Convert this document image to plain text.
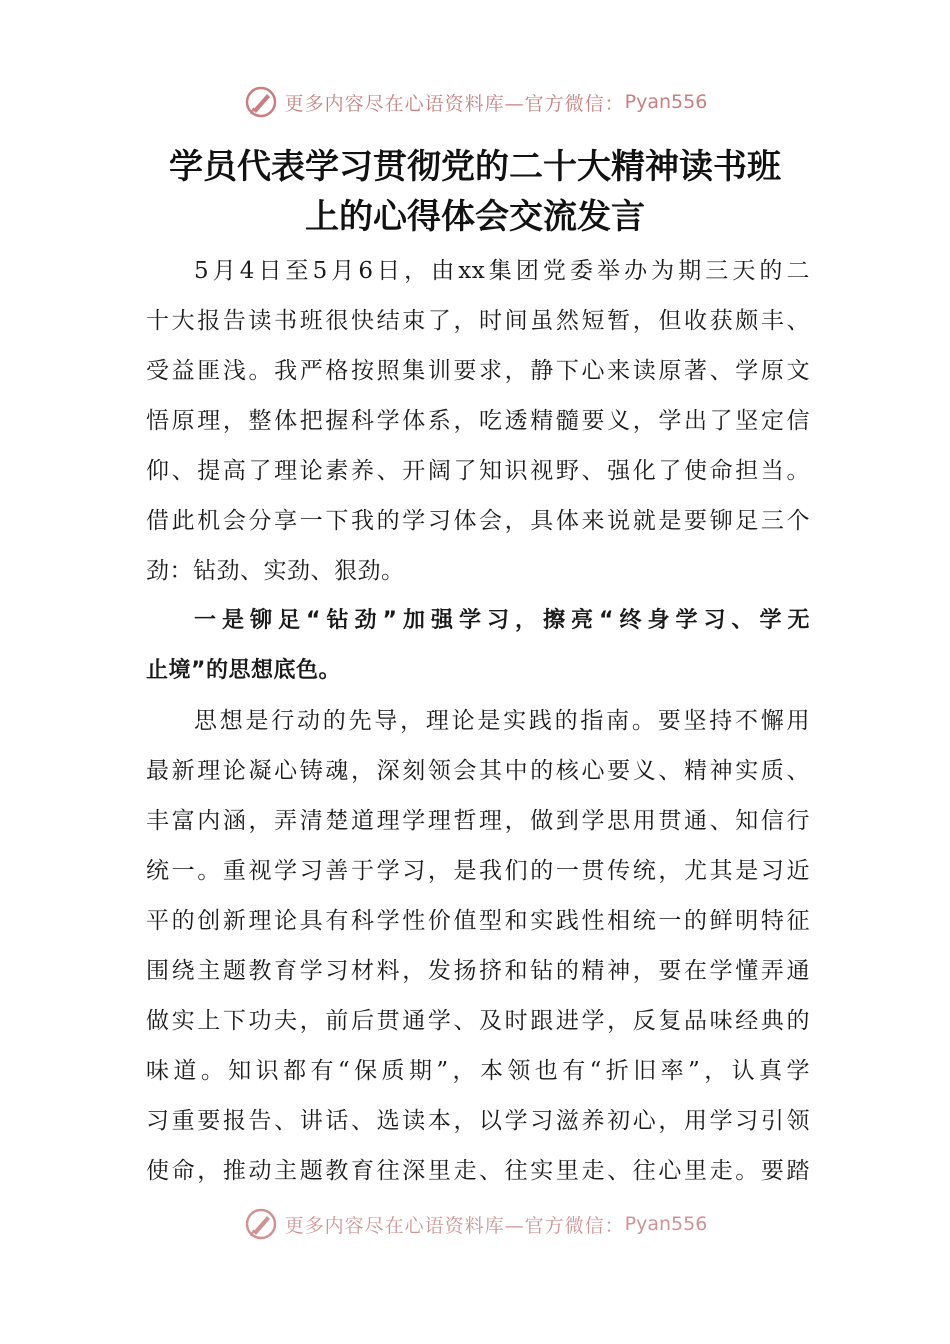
更多内容尽在心语资料库—官方微信： Pyan556
学员代表学习贯彻党的二十大精神读书班
上的心得体会交流发言
5月4日至5月6日，由xx集团党委举办为期三天的二
十大报告读书班很快结束了，时间虽然短暂，但收获颇丰、
受益匪浅。我严格按照集训要求，静下心来读原著、学原文
悟原理，整体把握科学体系，吃透精髓要义，学出了坚定信
仰、提高了理论素养、开阔了知识视野、强化了使命担当。
借此机会分享一下我的学习体会，具体来说就是要铆足三个
劲：钻劲、实劲、狠劲。
一是铆足“钻劲”加强学习，擦亮“终身学习、学无
止境”的思想底色。
思想是行动的先导，理论是实践的指南。要坚持不懈用
最新理论凝心铸魂，深刻领会其中的核心要义、精神实质、
丰富内涵，弄清楚道理学理哲理，做到学思用贯通、知信行
统一。重视学习善于学习，是我们的一贯传统，尤其是习近
平的创新理论具有科学性价值型和实践性相统一的鲜明特征
围绕主题教育学习材料，发扬挤和钻的精神，要在学懂弄通
做实上下功夫，前后贯通学、及时跟进学，反复品味经典的
味道。知识都有“保质期”，本领也有“折旧率”，认真学
习重要报告、讲话、选读本，以学习滋养初心，用学习引领
使命，推动主题教育往深里走、往实里走、往心里走。要踏
更多内容尽在心语资料库—官方微信： Pyan556
